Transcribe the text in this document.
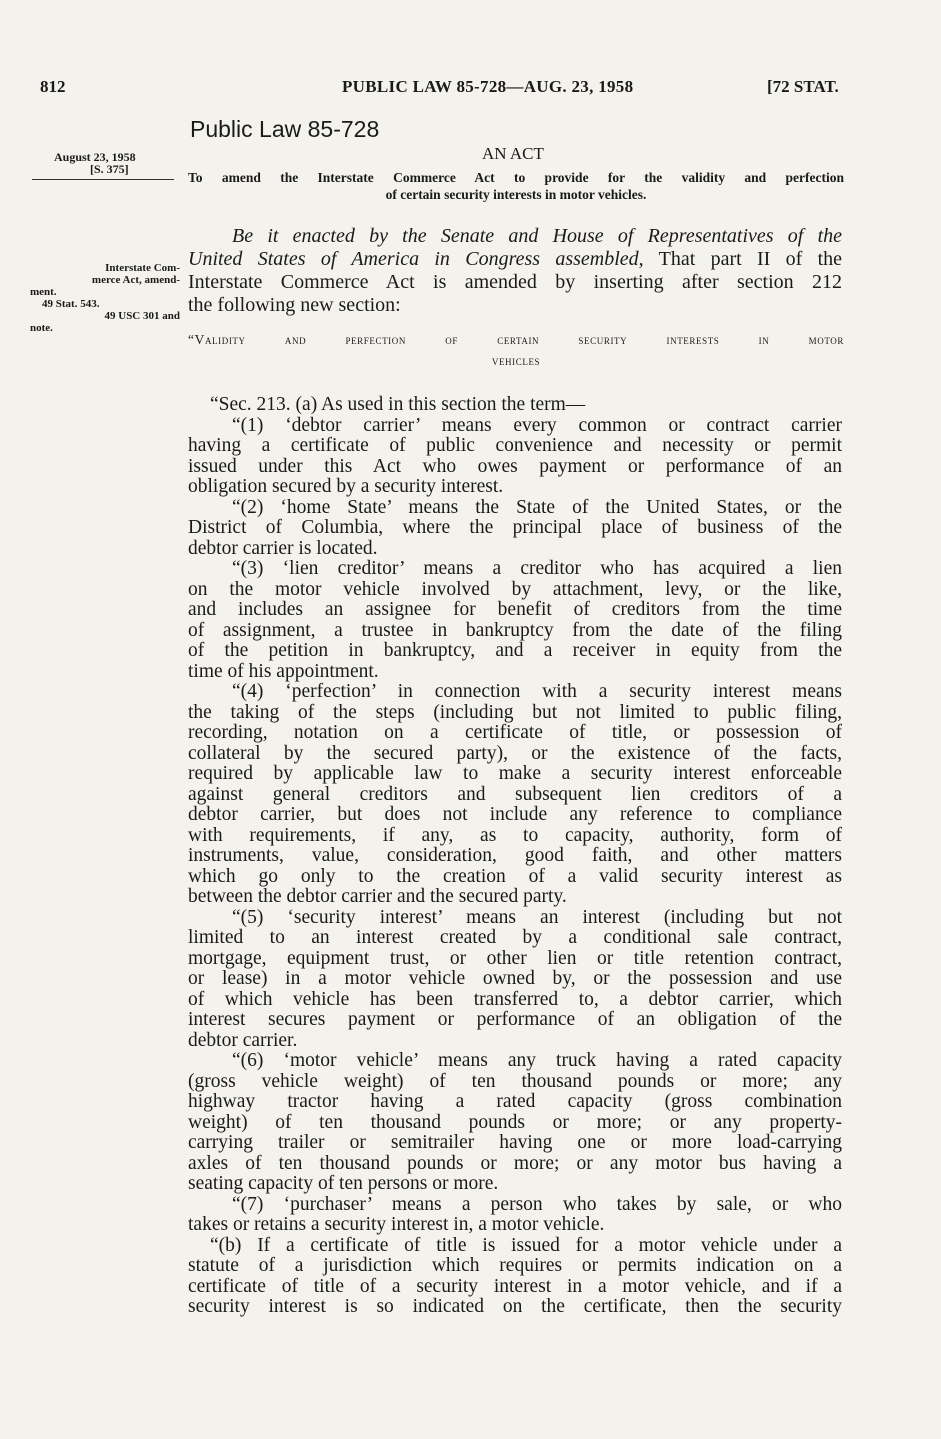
812	PUBLIC LAW 85-728—AUG. 23, 1958	[72 STAT.
Public Law 85-728
August 23, 1958
[S. 375]
AN ACT
To amend the Interstate Commerce Act to provide for the validity and perfection
of certain security interests in motor vehicles.
Interstate Com-
merce Act, amend-
ment.
49 Stat. 543.
49 USC 301 and
note.
Be it enacted by the Senate and House of Representatives of the
United States of America in Congress assembled, That part II of the
Interstate Commerce Act is amended by inserting after section 212
the following new section:
“Validity and perfection of certain security interests in motor
vehicles
“Sec. 213. (a) As used in this section the term—
“(1) ‘debtor carrier’ means every common or contract carrier
having a certificate of public convenience and necessity or permit
issued under this Act who owes payment or performance of an
obligation secured by a security interest.
“(2) ‘home State’ means the State of the United States, or the
District of Columbia, where the principal place of business of the
debtor carrier is located.
“(3) ‘lien creditor’ means a creditor who has acquired a lien
on the motor vehicle involved by attachment, levy, or the like,
and includes an assignee for benefit of creditors from the time
of assignment, a trustee in bankruptcy from the date of the filing
of the petition in bankruptcy, and a receiver in equity from the
time of his appointment.
“(4) ‘perfection’ in connection with a security interest means
the taking of the steps (including but not limited to public filing,
recording, notation on a certificate of title, or possession of
collateral by the secured party), or the existence of the facts,
required by applicable law to make a security interest enforceable
against general creditors and subsequent lien creditors of a
debtor carrier, but does not include any reference to compliance
with requirements, if any, as to capacity, authority, form of
instruments, value, consideration, good faith, and other matters
which go only to the creation of a valid security interest as
between the debtor carrier and the secured party.
“(5) ‘security interest’ means an interest (including but not
limited to an interest created by a conditional sale contract,
mortgage, equipment trust, or other lien or title retention contract,
or lease) in a motor vehicle owned by, or the possession and use
of which vehicle has been transferred to, a debtor carrier, which
interest secures payment or performance of an obligation of the
debtor carrier.
“(6) ‘motor vehicle’ means any truck having a rated capacity
(gross vehicle weight) of ten thousand pounds or more; any
highway tractor having a rated capacity (gross combination
weight) of ten thousand pounds or more; or any property-
carrying trailer or semitrailer having one or more load-carrying
axles of ten thousand pounds or more; or any motor bus having a
seating capacity of ten persons or more.
“(7) ‘purchaser’ means a person who takes by sale, or who
takes or retains a security interest in, a motor vehicle.
“(b) If a certificate of title is issued for a motor vehicle under a
statute of a jurisdiction which requires or permits indication on a
certificate of title of a security interest in a motor vehicle, and if a
security interest is so indicated on the certificate, then the security
